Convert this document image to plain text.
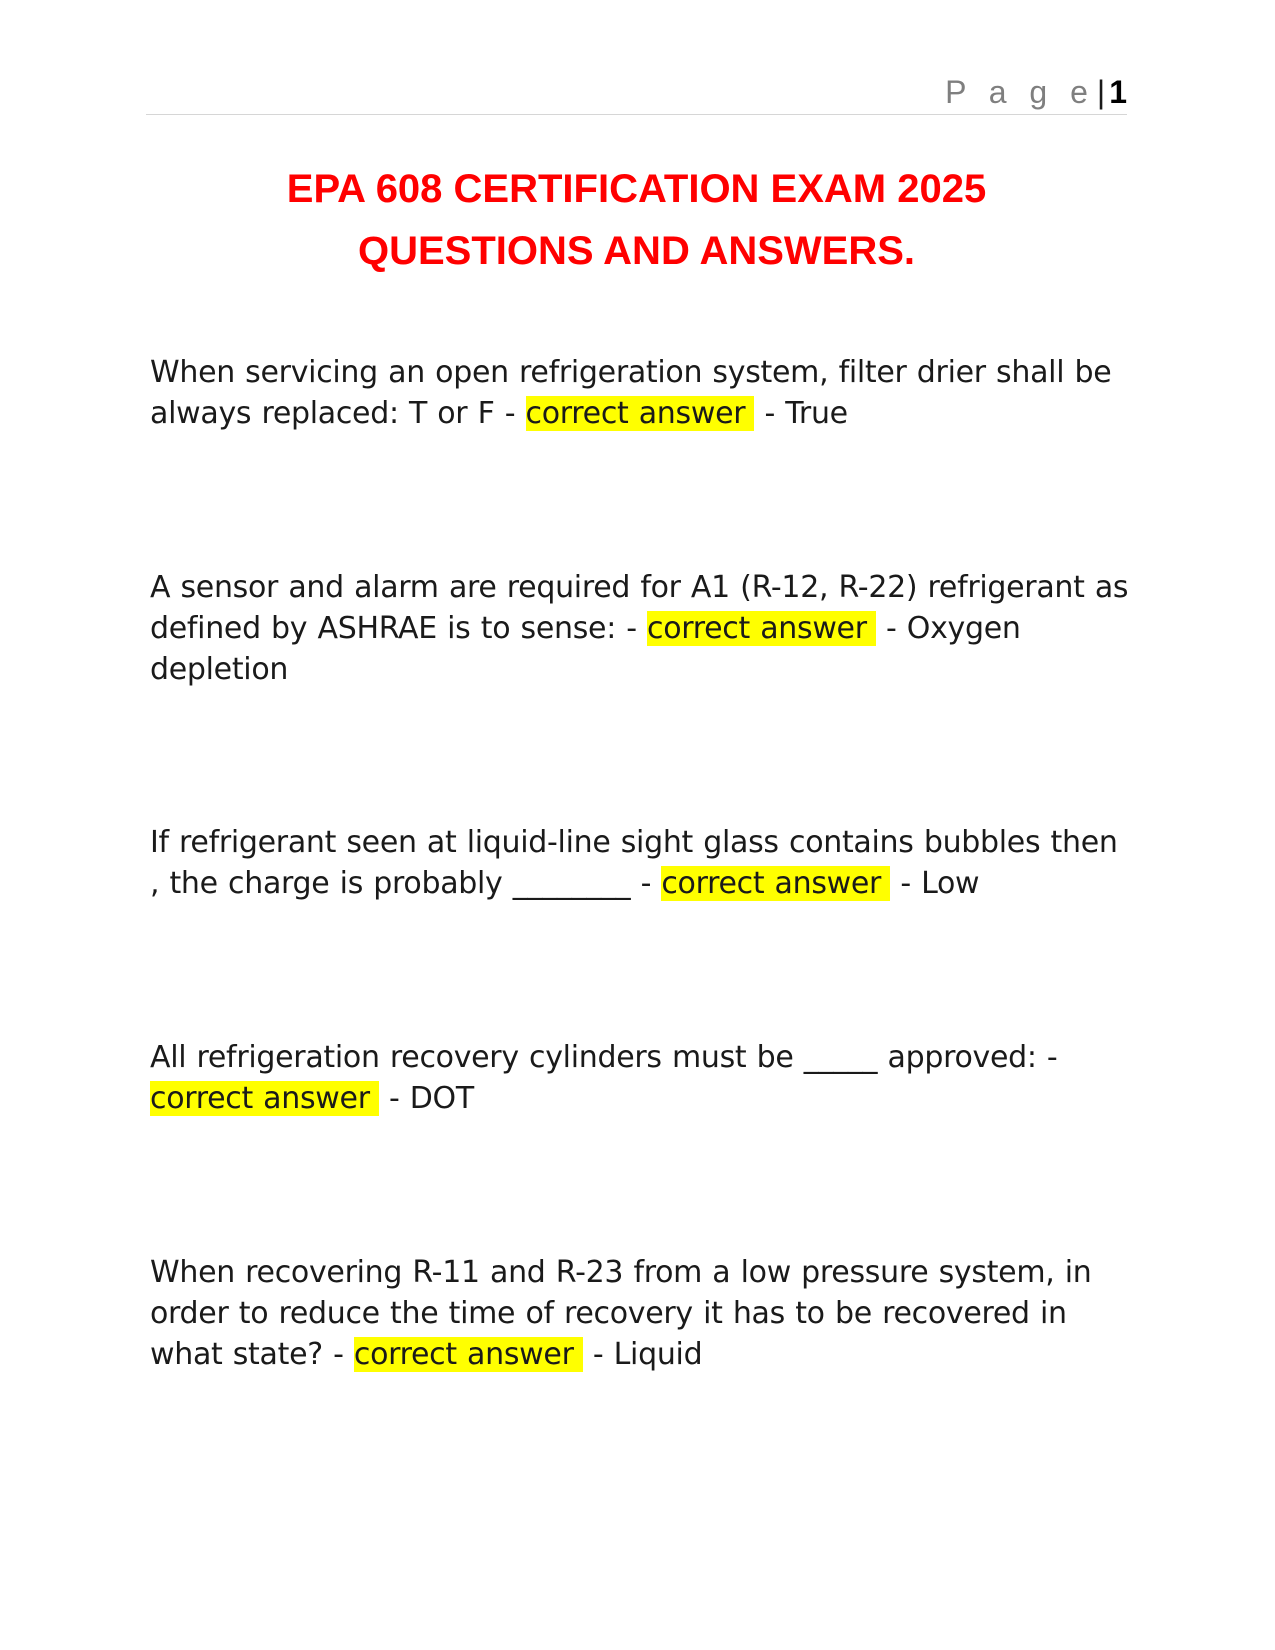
P a g e| 1
EPA 608 CERTIFICATION EXAM 2025
QUESTIONS AND ANSWERS.
When servicing an open refrigeration system, filter drier shall be always replaced: T or F - correct answer - True
A sensor and alarm are required for A1 (R-12, R-22) refrigerant as defined by ASHRAE is to sense: - correct answer - Oxygen depletion
If refrigerant seen at liquid-line sight glass contains bubbles then , the charge is probably ________ - correct answer - Low
All refrigeration recovery cylinders must be _____ approved: -
correct answer - DOT
When recovering R-11 and R-23 from a low pressure system, in order to reduce the time of recovery it has to be recovered in what state? - correct answer - Liquid
